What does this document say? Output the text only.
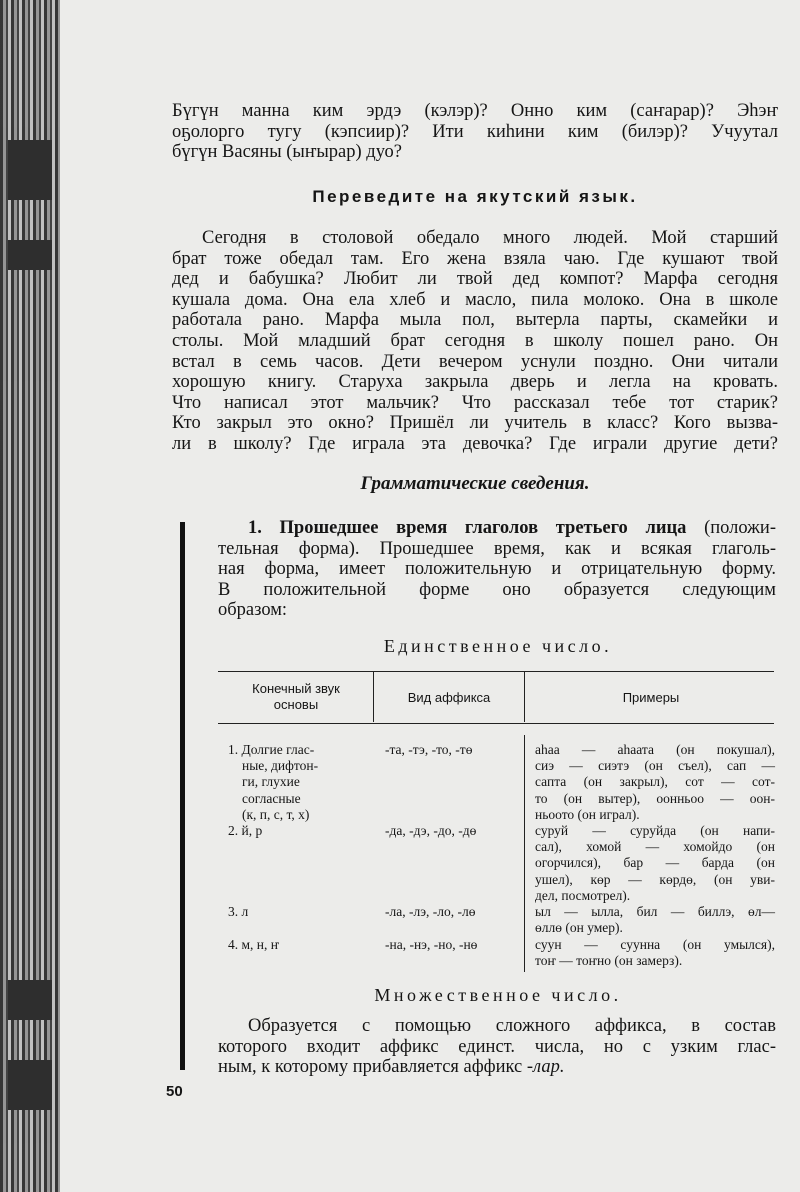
Бүгүн манна ким эрдэ (кэлэр)? Онно ким (саҥарар)? Эһэҥ
оҕолоргo тугу (кэпсиир)? Ити киһини ким (билэр)? Учуутал
бүгүн Васяны (ыҥырар) дуо?
Переведите на якутский язык.
Сегодня в столовой обедало много людей. Мой старший
брат тоже обедал там. Его жена взяла чаю. Где кушают твой
дед и бабушка? Любит ли твой дед компот? Марфа сегодня
кушала дома. Она ела хлеб и масло, пила молоко. Она в школе
работала рано. Марфа мыла пол, вытерла парты, скамейки и
столы. Мой младший брат сегодня в школу пошел рано. Он
встал в семь часов. Дети вечером уснули поздно. Они читали
хорошую книгу. Старуха закрыла дверь и легла на кровать.
Что написал этот мальчик? Что рассказал тебе тот старик?
Кто закрыл это окно? Пришёл ли учитель в класс? Кого вызва-
ли в школу? Где играла эта девочка? Где играли другие дети?
Грамматические сведения.
1. Прошедшее время глаголов третьего лица (положи-
тельная форма). Прошедшее время, как и всякая глаголь-
ная форма, имеет положительную и отрицательную форму.
В положительной форме оно образуется следующим
образом:
Единственное число.
Конечный звук
основы	Вид аффикса	Примеры
1. Долгие глас-
ные, дифтон-
ги, глухие
согласные
(к, п, с, т, х)
-та, -тэ, -то, -тө	аһаа — аһаата (он покушал),
сиэ — сиэтэ (он съел), сап —
сапта (он закрыл), сот — сот-
то (он вытер), оонньоо — оон-
ньоото (он играл).
2. й, р	-да, -дэ, -до, -дө	суруй — суруйда (он напи-
сал), хомой — хомойдо (он
огорчился), бар — барда (он
ушел), көр — көрдө, (он уви-
дел, посмотрел).
3. л	-ла, -лэ, -ло, -лө	ыл — ылла, бил — биллэ, өл—
өллө (он умер).
4. м, н, ҥ	-на, -нэ, -но, -нө	суун — суунна (он умылся),
тоҥ — тоҥно (он замерз).
Множественное число.
Образуется с помощью сложного аффикса, в состав
которого входит аффикс единст. числа, но с узким глас-
ным, к которому прибавляется аффикс -лар.
50
